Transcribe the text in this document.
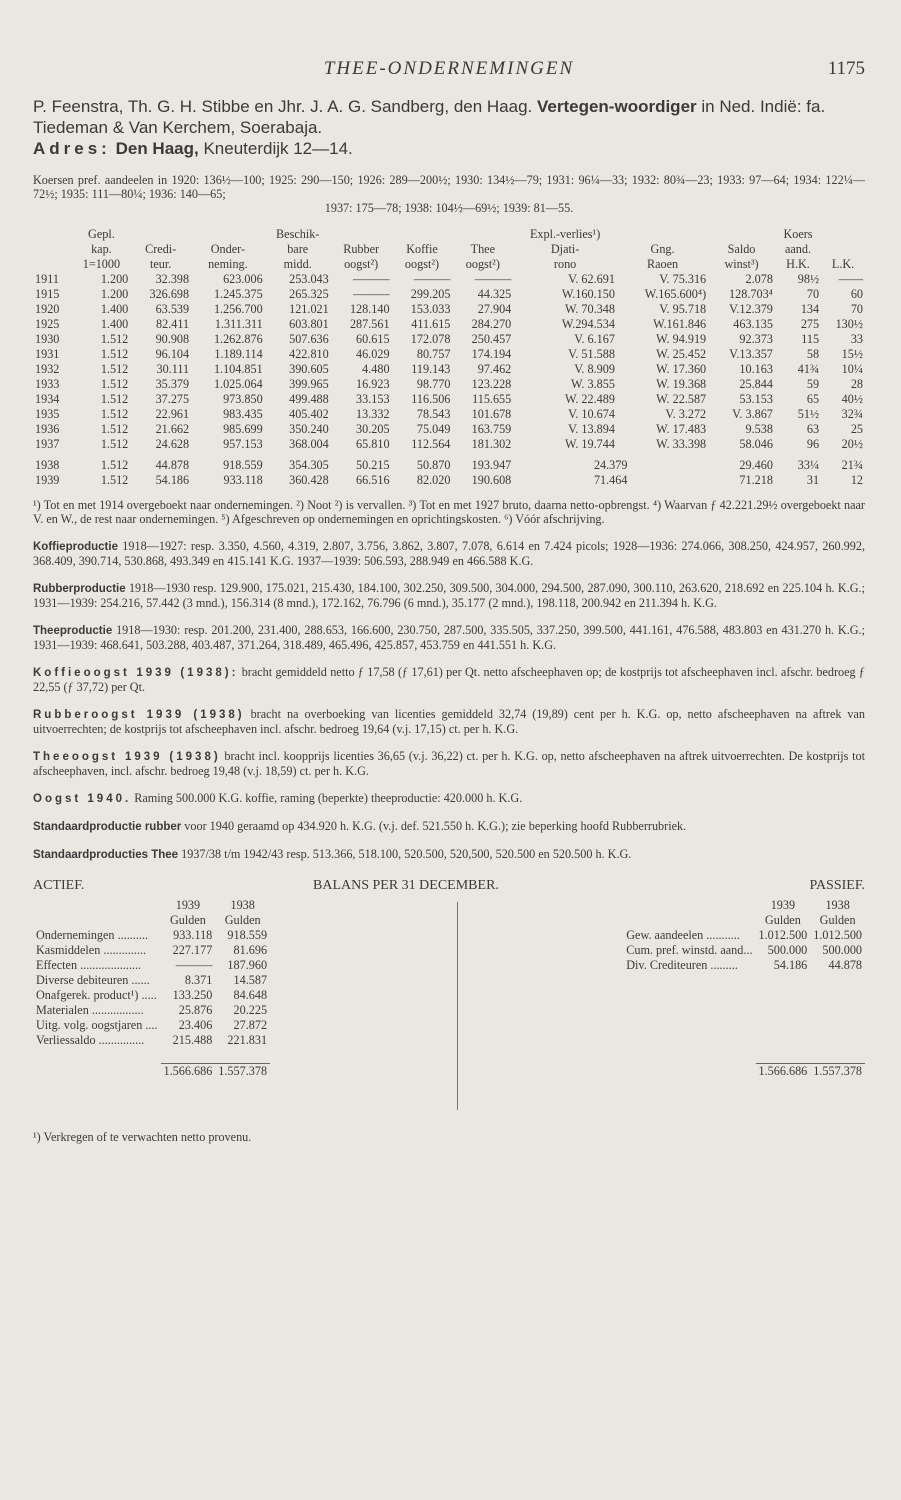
THEE-ONDERNEMINGEN	1175
P. Feenstra, Th. G. H. Stibbe en Jhr. J. A. G. Sandberg, den Haag. Vertegen-woordiger in Ned. Indië: fa. Tiedeman & Van Kerchem, Soerabaja.
Adres: Den Haag, Kneuterdijk 12—14.
Koersen pref. aandeelen in 1920: 136½—100; 1925: 290—150; 1926: 289—200½; 1930: 134½—79; 1931: 96¼—33; 1932: 80¾—23; 1933: 97—64; 1934: 122¼—72½; 1935: 111—80¼; 1936: 140—65;
1937: 175—78; 1938: 104½—69½; 1939: 81—55.
	Gepl.			Beschik-				Expl.-verlies¹)			Koers	
	kap.	Credi-	Onder-	bare	Rubber	Koffie	Thee	Djati-	Gng.	Saldo	aand.	
	1=1000	teur.	neming.	midd.	oogst²)	oogst²)	oogst²)	rono	Raoen	winst³)	H.K.	L.K.
1911	1.200	32.398	623.006	253.043	———	———	———	V. 62.691	V. 75.316	2.078	98½	——
1915	1.200	326.698	1.245.375	265.325	———	299.205	44.325	W.160.150	W.165.600⁴)	128.703⁴	70	60
1920	1.400	63.539	1.256.700	121.021	128.140	153.033	27.904	W. 70.348	V. 95.718	V.12.379	134	70
1925	1.400	82.411	1.311.311	603.801	287.561	411.615	284.270	W.294.534	W.161.846	463.135	275	130½
1930	1.512	90.908	1.262.876	507.636	60.615	172.078	250.457	V. 6.167	W. 94.919	92.373	115	33
1931	1.512	96.104	1.189.114	422.810	46.029	80.757	174.194	V. 51.588	W. 25.452	V.13.357	58	15½
1932	1.512	30.111	1.104.851	390.605	4.480	119.143	97.462	V. 8.909	W. 17.360	10.163	41¾	10¼
1933	1.512	35.379	1.025.064	399.965	16.923	98.770	123.228	W. 3.855	W. 19.368	25.844	59	28
1934	1.512	37.275	973.850	499.488	33.153	116.506	115.655	W. 22.489	W. 22.587	53.153	65	40½
1935	1.512	22.961	983.435	405.402	13.332	78.543	101.678	V. 10.674	V. 3.272	V. 3.867	51½	32¾
1936	1.512	21.662	985.699	350.240	30.205	75.049	163.759	V. 13.894	W. 17.483	9.538	63	25
1937	1.512	24.628	957.153	368.004	65.810	112.564	181.302	W. 19.744	W. 33.398	58.046	96	20½

1938	1.512	44.878	918.559	354.305	50.215	50.870	193.947	24.379		29.460	33¼	21¾
1939	1.512	54.186	933.118	360.428	66.516	82.020	190.608	71.464		71.218	31	12
¹) Tot en met 1914 overgeboekt naar ondernemingen. ²) Noot ²) is vervallen. ³) Tot en met 1927 bruto, daarna netto-opbrengst. ⁴) Waarvan ƒ 42.221.29½ overgeboekt naar V. en W., de rest naar ondernemingen. ⁵) Afgeschreven op ondernemingen en oprichtingskosten. ⁶) Vóór afschrijving.
Koffieproductie 1918—1927: resp. 3.350, 4.560, 4.319, 2.807, 3.756, 3.862, 3.807, 7.078, 6.614 en 7.424 picols; 1928—1936: 274.066, 308.250, 424.957, 260.992, 368.409, 390.714, 530.868, 493.349 en 415.141 K.G. 1937—1939: 506.593, 288.949 en 466.588 K.G.
Rubberproductie 1918—1930 resp. 129.900, 175.021, 215.430, 184.100, 302.250, 309.500, 304.000, 294.500, 287.090, 300.110, 263.620, 218.692 en 225.104 h. K.G.; 1931—1939: 254.216, 57.442 (3 mnd.), 156.314 (8 mnd.), 172.162, 76.796 (6 mnd.), 35.177 (2 mnd.), 198.118, 200.942 en 211.394 h. K.G.
Theeproductie 1918—1930: resp. 201.200, 231.400, 288.653, 166.600, 230.750, 287.500, 335.505, 337.250, 399.500, 441.161, 476.588, 483.803 en 431.270 h. K.G.; 1931—1939: 468.641, 503.288, 403.487, 371.264, 318.489, 465.496, 425.857, 453.759 en 441.551 h. K.G.
Koffieoogst 1939 (1938): bracht gemiddeld netto ƒ 17,58 (ƒ 17,61) per Qt. netto afscheephaven op; de kostprijs tot afscheephaven incl. afschr. bedroeg ƒ 22,55 (ƒ 37,72) per Qt.
Rubberoogst 1939 (1938) bracht na overboeking van licenties gemiddeld 32,74 (19,89) cent per h. K.G. op, netto afscheephaven na aftrek van uitvoerrechten; de kostprijs tot afscheephaven incl. afschr. bedroeg 19,64 (v.j. 17,15) ct. per h. K.G.
Theeoogst 1939 (1938) bracht incl. koopprijs licenties 36,65 (v.j. 36,22) ct. per h. K.G. op, netto afscheephaven na aftrek uitvoerrechten. De kostprijs tot afscheephaven, incl. afschr. bedroeg 19,48 (v.j. 18,59) ct. per h. K.G.
Oogst 1940. Raming 500.000 K.G. koffie, raming (beperkte) theeproductie: 420.000 h. K.G.
Standaardproductie rubber voor 1940 geraamd op 434.920 h. K.G. (v.j. def. 521.550 h. K.G.); zie beperking hoofd Rubberrubriek.
Standaardproducties Thee 1937/38 t/m 1942/43 resp. 513.366, 518.100, 520.500, 520,500, 520.500 en 520.500 h. K.G.
ACTIEF.	BALANS PER 31 DECEMBER.	PASSIEF.
	1939	1938
	Gulden	Gulden
Ondernemingen ..........	933.118	918.559
Kasmiddelen ..............	227.177	81.696
Effecten ....................	———	187.960
Diverse debiteuren ......	8.371	14.587
Onafgerek. product¹) .....	133.250	84.648
Materialen .................	25.876	20.225
Uitg. volg. oogstjaren ....	23.406	27.872
Verliessaldo ...............	215.488	221.831

	1.566.686	1.557.378
	1939	1938
	Gulden	Gulden
Gew. aandeelen ...........	1.012.500	1.012.500
Cum. pref. winstd. aand...	500.000	500.000
Div. Crediteuren .........	54.186	44.878

	1.566.686	1.557.378
¹) Verkregen of te verwachten netto provenu.
